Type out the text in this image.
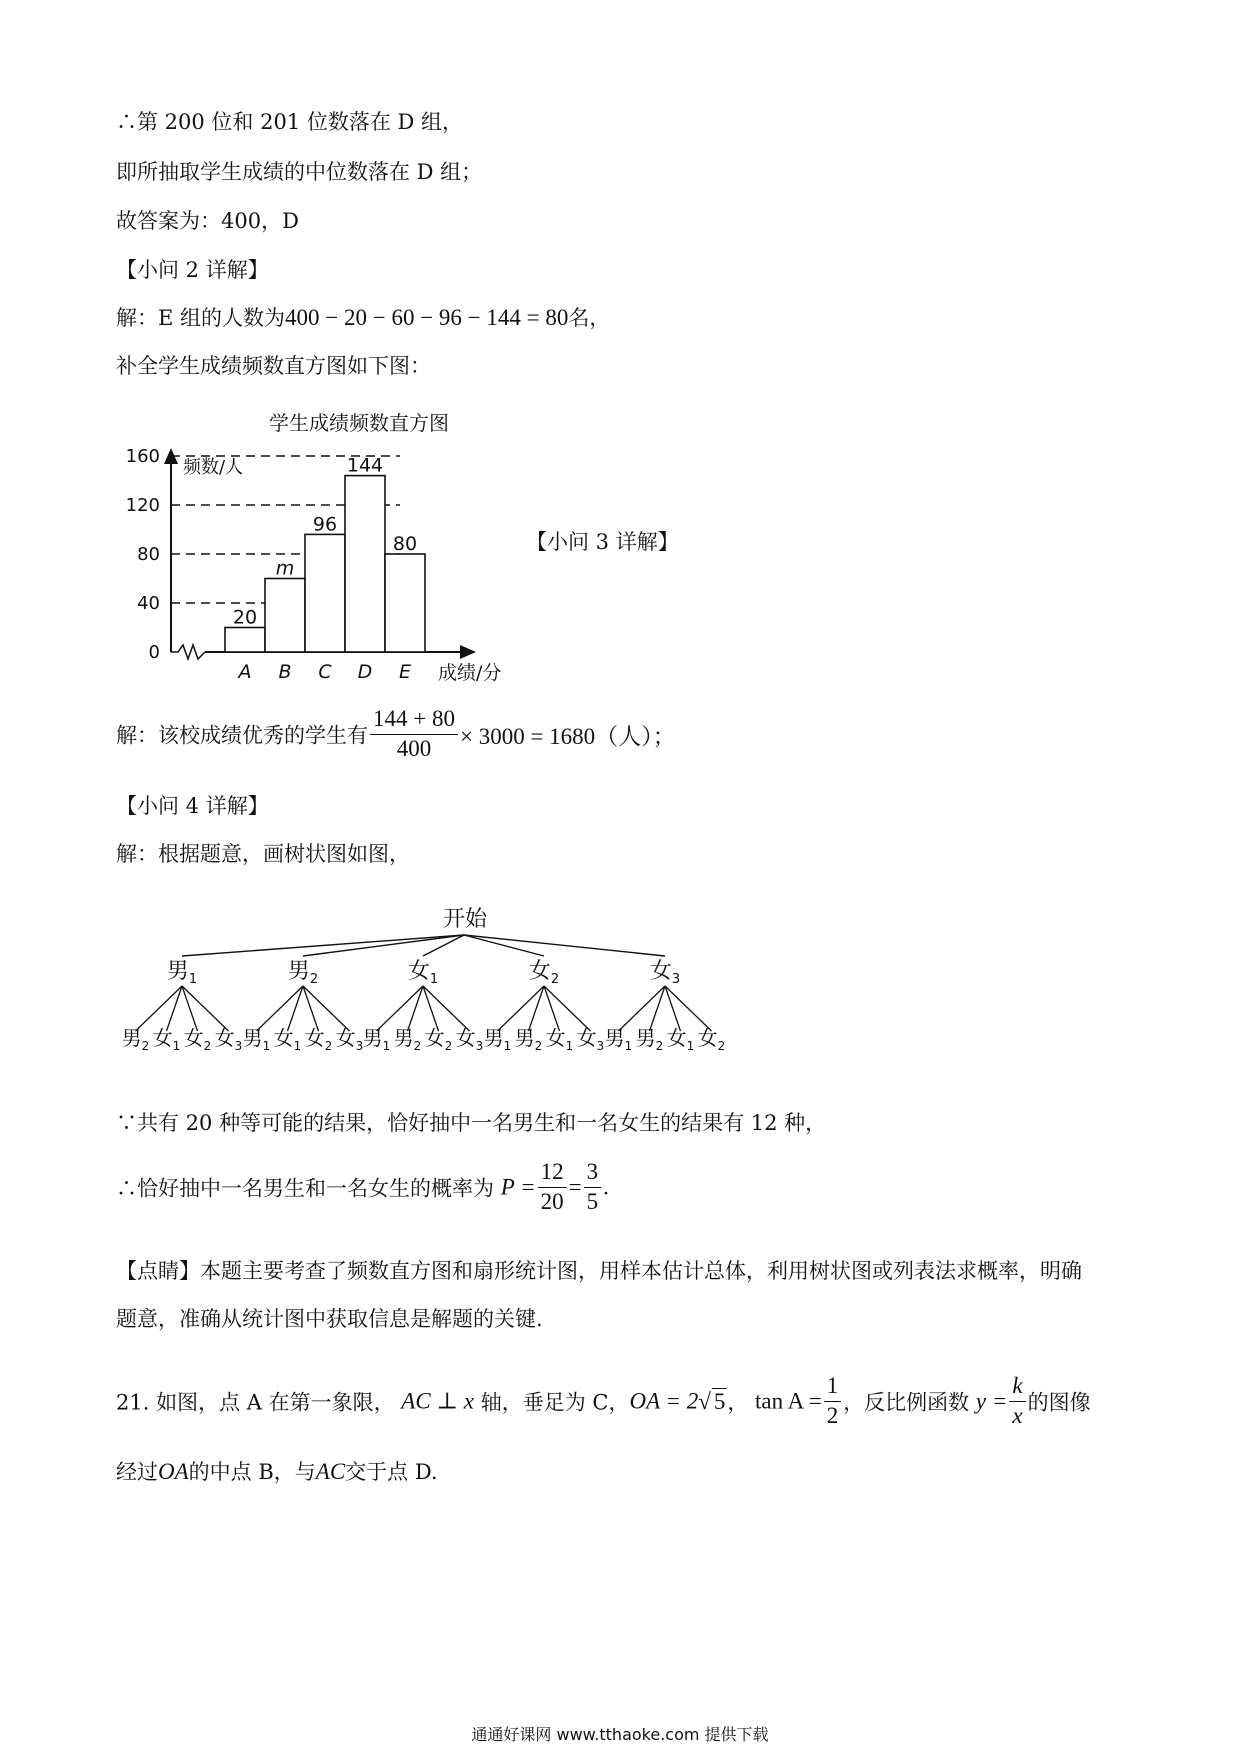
∴第 200 位和 201 位数落在 D 组，
即所抽取学生成绩的中位数落在 D 组；
故答案为：400，D
【小问 2 详解】
解：E 组的人数为400 − 20 − 60 − 96 − 144 = 80名，
补全学生成绩频数直方图如下图：
学生成绩频数直方图
频数/人
成绩/分
0
40
80
120
160
A B C D E
20
m
96
144
80	【小问 3 详解】
解：该校成绩优秀的学生有 $\frac{144 + 80}{400} \times 3000 = 1680$（人）；
【小问 4 详解】
解：根据题意，画树状图如图，
开始
男$_1$
男$_2$ 女$_1$ 女$_2$ 女$_3$
男$_2$
男$_1$ 女$_1$ 女$_2$ 女$_3$
女$_1$
男$_1$ 男$_2$ 女$_2$ 女$_3$
女$_2$
男$_1$ 男$_2$ 女$_1$ 女$_3$
女$_3$
男$_1$ 男$_2$ 女$_1$ 女$_2$
∵共有 20 种等可能的结果，恰好抽中一名男生和一名女生的结果有 12 种，
∴恰好抽中一名男生和一名女生的概率为 $P = \frac{12}{20} = \frac{3}{5}$ .
【点睛】本题主要考查了频数直方图和扇形统计图，用样本估计总体，利用树状图或列表法求概率，明确
题意，准确从统计图中获取信息是解题的关键.
21. 如图，点 A 在第一象限， AC ⊥ x 轴，垂足为 C，OA = 2√ 5， $\tan A = \frac{1}{2}$ ，反比例函数 $y = \frac{k}{x}$ 的图像
经过OA的中点 B，与AC交于点 D.
通通好课网 www.tthaoke.com 提供下载
